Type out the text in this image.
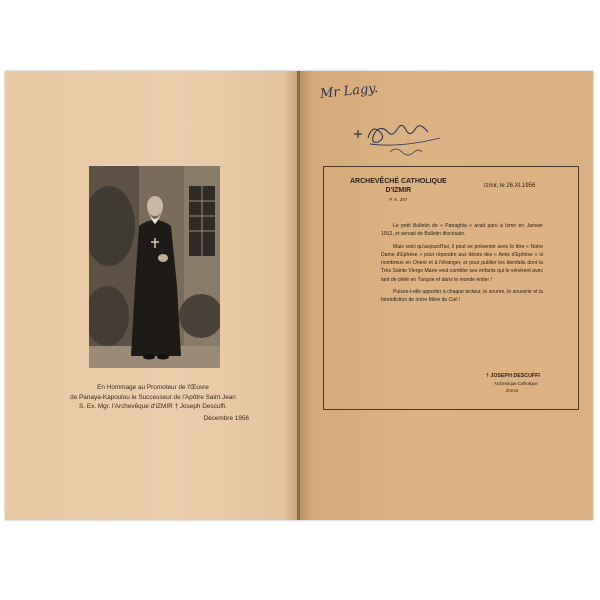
En Hommage au Promoteur de l'Œuvre
de Panaya-Kapoulou le Successeur de l'Apôtre Saint Jean
S. Ex. Mgr. l'Archevêque d'IZMIR † Joseph Descuffi.
Décembre 1956
Mr Lagy.
ARCHEVÊCHÉ CATHOLIQUE
D'IZMIR
P. K. 267
Izmir, le 26.XI.1956

Le petit Bulletin de « Panaghia » avait paru à Izmir en Janvier 1912, et servait de Bulletin diocésain.

Mais voici qu'aujourd'hui, il peut se présenter avec le titre « Notre Dame d'Ephèse » pour répondre aux désirs des « Amis d'Ephèse » si nombreux en Orient et à l'étranger, et pour publier les bienfaits dont la Très Sainte Vierge Marie veut combler ses enfants qui le vénèrent avec tant de piété en Turquie et dans le monde entier !

Puisse-t-elle apporter à chaque lecteur, le sourire, le souvenir et la bénédiction de notre Mère du Ciel !

† JOSEPH DESCUFFI
Archevêque Catholique
d'Izmir
